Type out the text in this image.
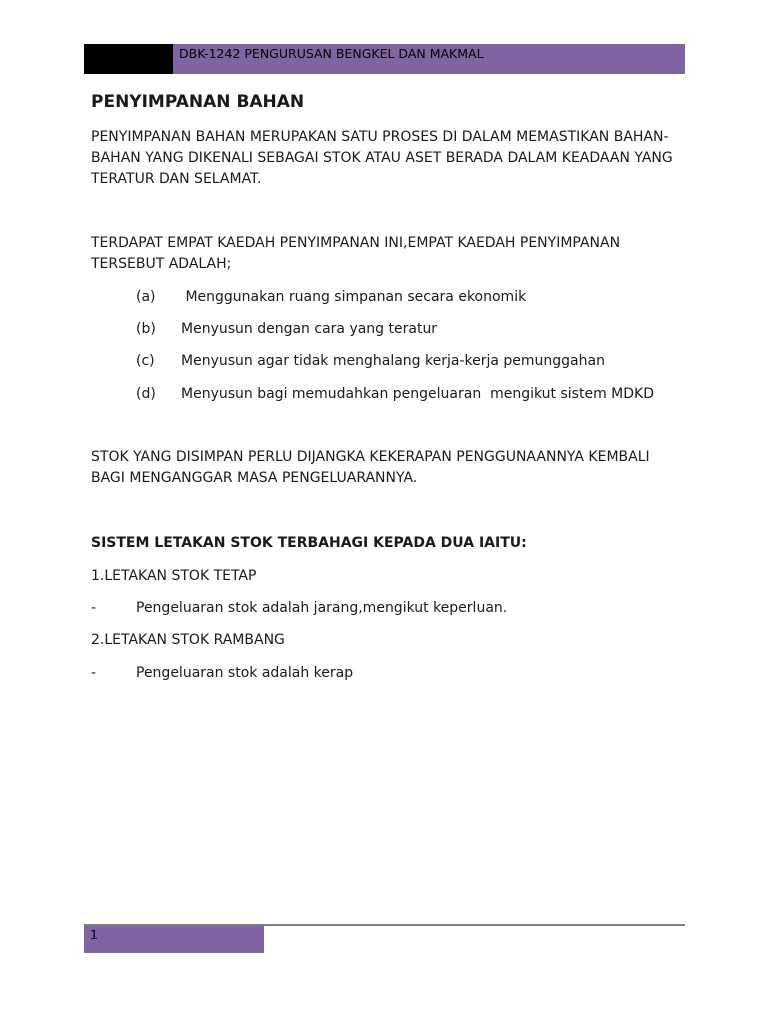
DBK-1242 PENGURUSAN BENGKEL DAN MAKMAL
PENYIMPANAN BAHAN

PENYIMPANAN BAHAN MERUPAKAN SATU PROSES DI DALAM MEMASTIKAN BAHAN-BAHAN YANG DIKENALI SEBAGAI STOK ATAU ASET BERADA DALAM KEADAAN YANG TERATUR DAN SELAMAT.

TERDAPAT EMPAT KAEDAH PENYIMPANAN INI,EMPAT KAEDAH PENYIMPANAN TERSEBUT ADALAH;

(a) Menggunakan ruang simpanan secara ekonomik
(b) Menyusun dengan cara yang teratur
(c) Menyusun agar tidak menghalang kerja-kerja pemunggahan
(d) Menyusun bagi memudahkan pengeluaran  mengikut sistem MDKD

STOK YANG DISIMPAN PERLU DIJANGKA KEKERAPAN PENGGUNAANNYA KEMBALI BAGI MENGANGGAR MASA PENGELUARANNYA.

SISTEM LETAKAN STOK TERBAHAGI KEPADA DUA IAITU:
1.LETAKAN STOK TETAP
-	Pengeluaran stok adalah jarang,mengikut keperluan.
2.LETAKAN STOK RAMBANG
-	Pengeluaran stok adalah kerap
1
